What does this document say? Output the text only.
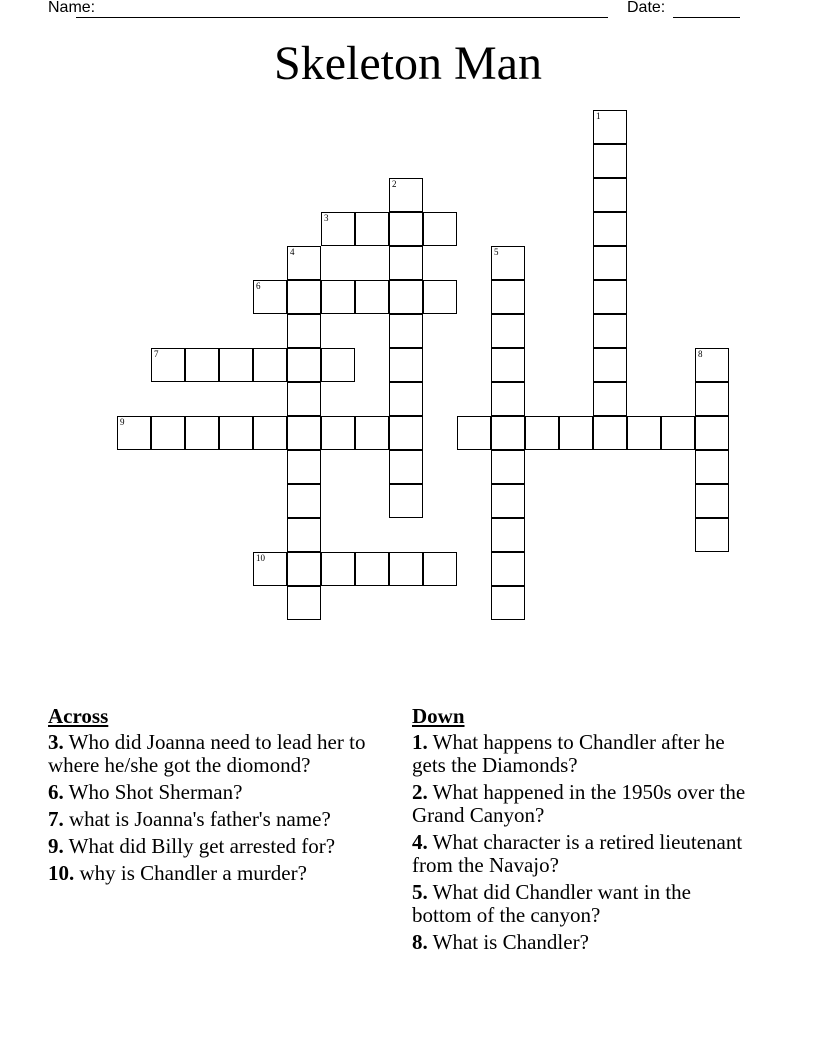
Name:	Date:
Skeleton Man
1
2
3
4	5
6
7	8
9
10
Across
3. Who did Joanna need to lead her to where he/she got the diomond?
6. Who Shot Sherman?
7. what is Joanna's father's name?
9. What did Billy get arrested for?
10. why is Chandler a murder?
Down
1. What happens to Chandler after he gets the Diamonds?
2. What happened in the 1950s over the Grand Canyon?
4. What character is a retired lieutenant from the Navajo?
5. What did Chandler want in the bottom of the canyon?
8. What is Chandler?
